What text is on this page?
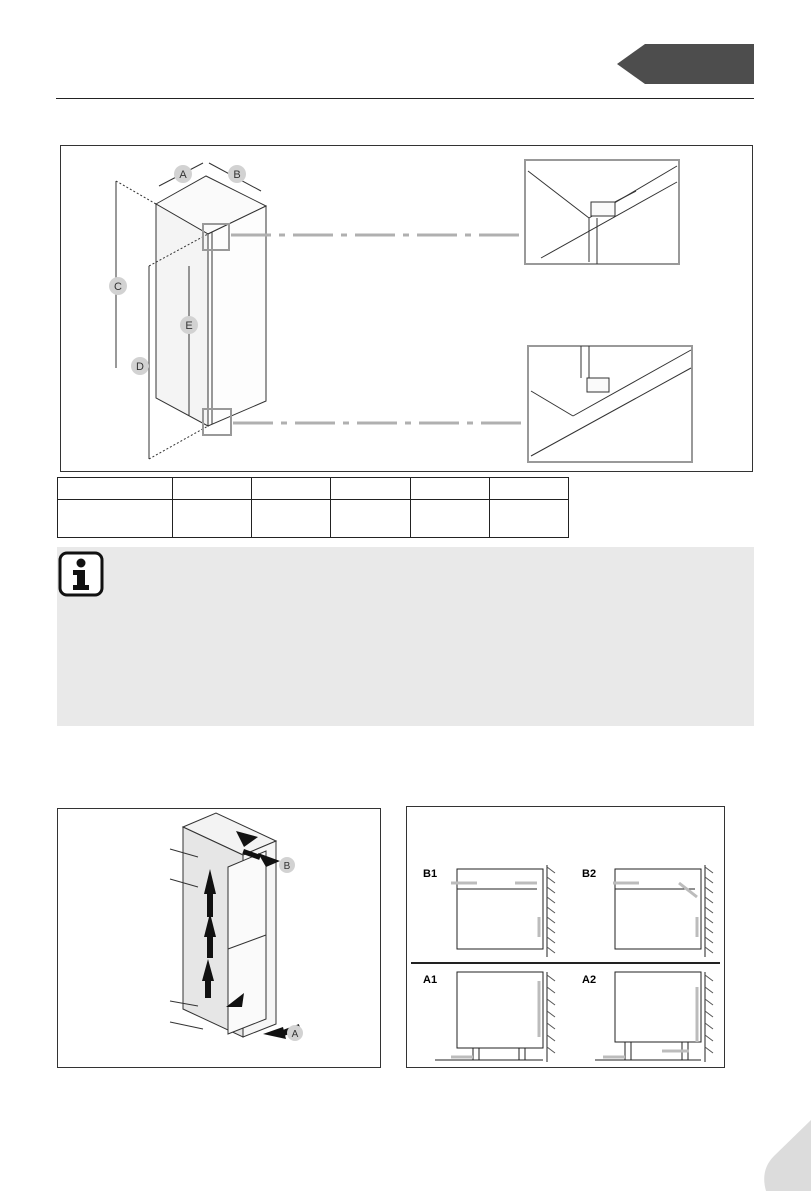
A	B
C
D
E

B
A
B1	B2
A1	A2
